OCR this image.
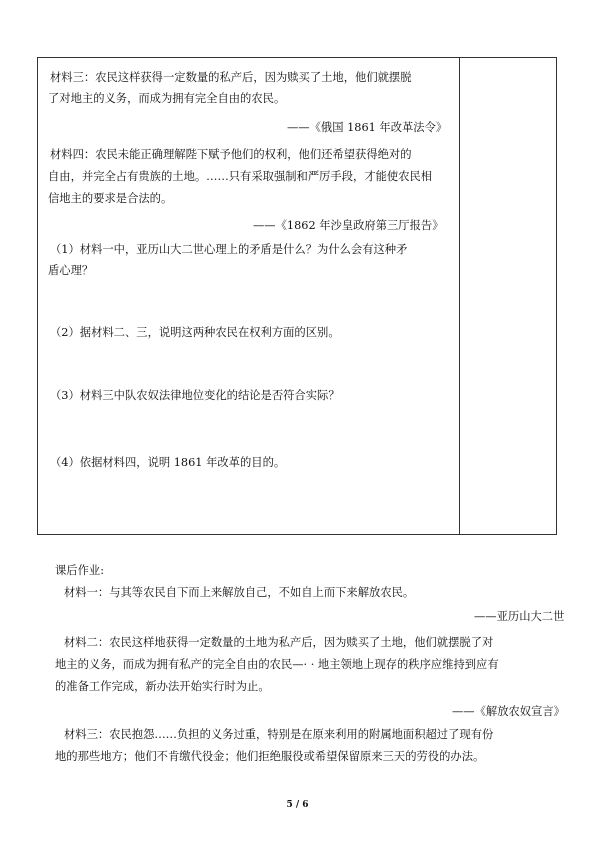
材料三：农民这样获得一定数量的私产后，因为赎买了土地，他们就摆脱
了对地主的义务，而成为拥有完全自由的农民。
——《俄国 1861 年改革法令》
材料四：农民未能正确理解陛下赋予他们的权利，他们还希望获得绝对的
自由，并完全占有贵族的土地。……只有采取强制和严厉手段，才能使农民相
信地主的要求是合法的。
——《1862 年沙皇政府第三厅报告》
（1）材料一中，亚历山大二世心理上的矛盾是什么？为什么会有这种矛
盾心理？
（2）据材料二、三，说明这两种农民在权利方面的区别。
（3）材料三中队农奴法律地位变化的结论是否符合实际？
（4）依据材料四，说明 1861 年改革的目的。
课后作业:
材料一：与其等农民自下而上来解放自己，不如自上而下来解放农民。
——亚历山大二世
材料二：农民这样地获得一定数量的土地为私产后，因为赎买了土地，他们就摆脱了对
地主的义务，而成为拥有私产的完全自由的农民—· · 地主领地上现存的秩序应维持到应有
的准备工作完成，新办法开始实行时为止。
——《解放农奴宣言》
材料三：农民抱怨……负担的义务过重，特别是在原来利用的附属地面积超过了现有份
地的那些地方；他们不肯缴代役金；他们拒绝服役或希望保留原来三天的劳役的办法。
5 / 6
